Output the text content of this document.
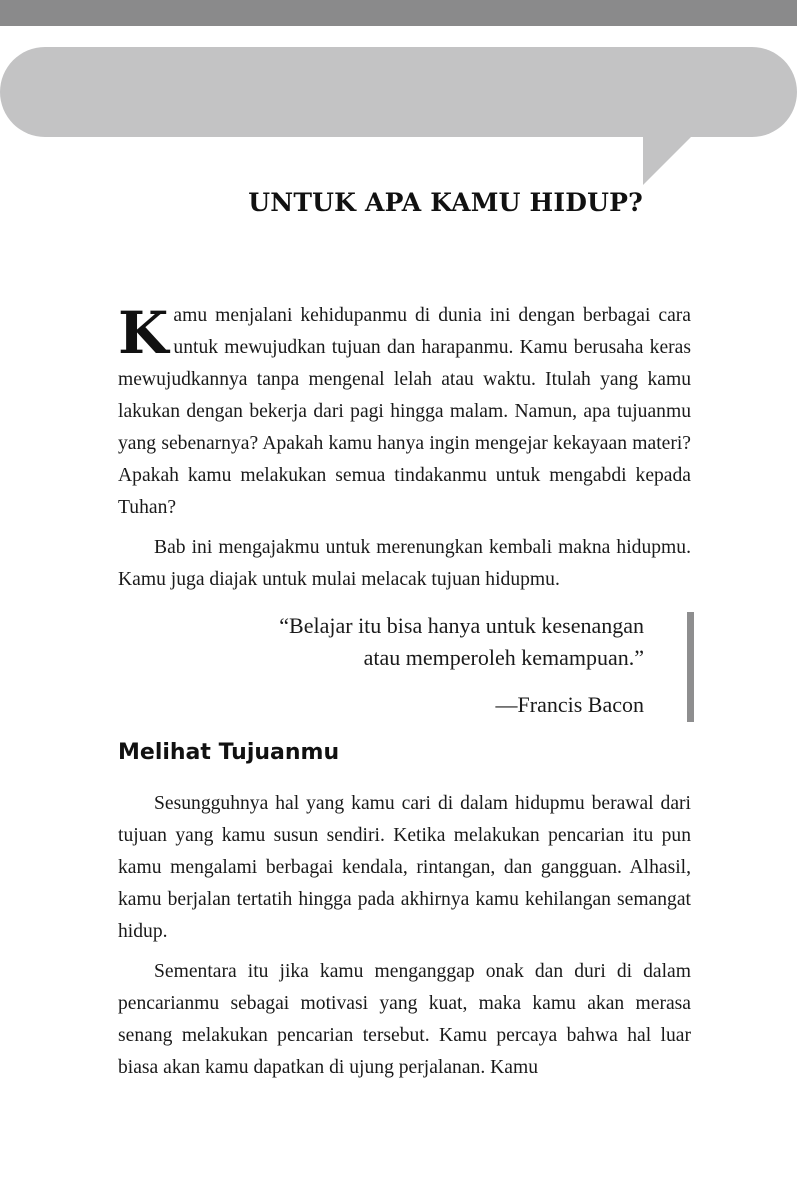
UNTUK APA KAMU HIDUP?

Kamu menjalani kehidupanmu di dunia ini dengan berbagai cara untuk mewujudkan tujuan dan harapanmu. Kamu berusaha keras mewujudkannya tanpa mengenal lelah atau waktu. Itulah yang kamu lakukan dengan bekerja dari pagi hingga malam. Namun, apa tujuanmu yang sebenarnya? Apakah kamu hanya ingin mengejar kekayaan materi? Apakah kamu melakukan semua tindakanmu untuk mengabdi kepada Tuhan?

Bab ini mengajakmu untuk merenungkan kembali makna hidupmu. Kamu juga diajak untuk mulai melacak tujuan hidupmu.

“Belajar itu bisa hanya untuk kesenangan
atau memperoleh kemampuan.”
—Francis Bacon
Melihat Tujuanmu

Sesungguhnya hal yang kamu cari di dalam hidupmu berawal dari tujuan yang kamu susun sendiri. Ketika melakukan pencarian itu pun kamu mengalami berbagai kendala, rintangan, dan gangguan. Alhasil, kamu berjalan tertatih hingga pada akhirnya kamu kehilangan semangat hidup.

Sementara itu jika kamu menganggap onak dan duri di dalam pencarianmu sebagai motivasi yang kuat, maka kamu akan merasa senang melakukan pencarian tersebut. Kamu percaya bahwa hal luar biasa akan kamu dapatkan di ujung perjalanan. Kamu
